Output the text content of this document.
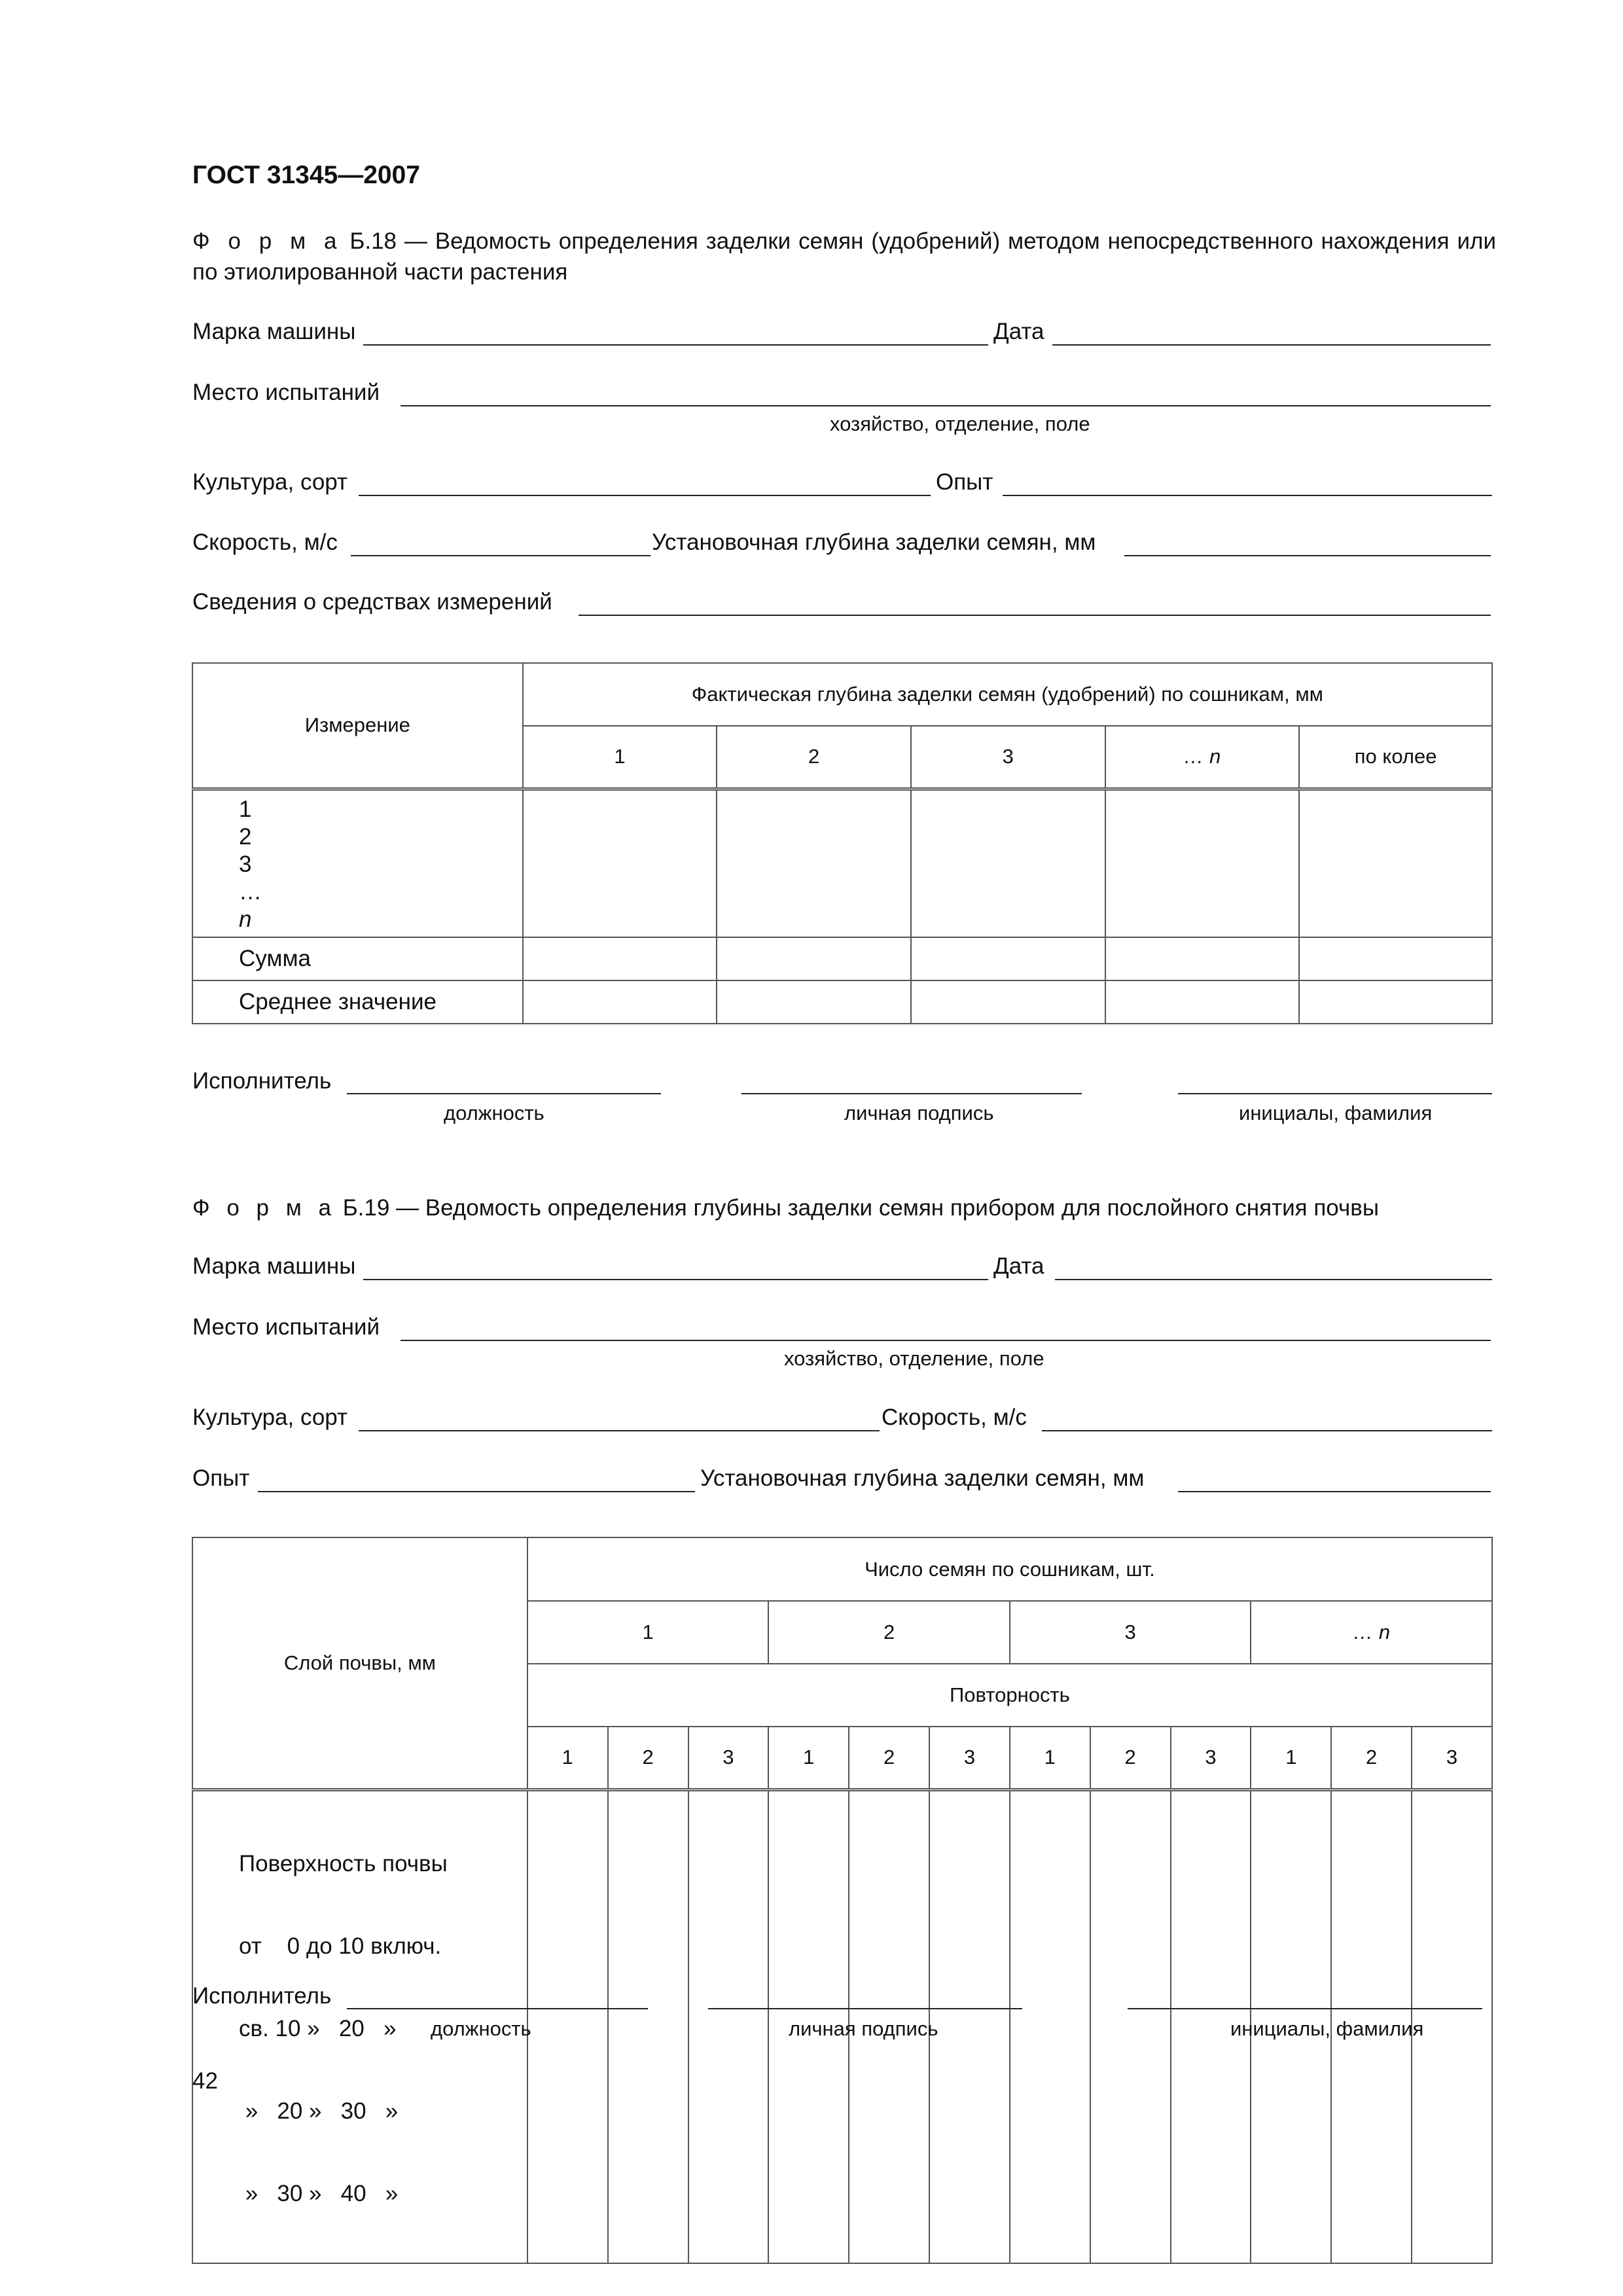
ГОСТ 31345—2007
Ф о р м а Б.18 — Ведомость определения заделки семян (удобрений) методом непосредственного нахождения или по этиолированной части растения
Марка машины	Дата
Место испытаний
хозяйство, отделение, поле
Культура, сорт	Опыт
Скорость, м/с	Установочная глубина заделки семян, мм
Сведения о средствах измерений
Измерение	Фактическая глубина заделки семян (удобрений) по сошникам, мм				
	1	2	3	… n	по колее

1
2
3
…
n					

Сумма					
Среднее значение					
Исполнитель
должность	личная подпись	инициалы, фамилия
Ф о р м а Б.19 — Ведомость определения глубины заделки семян прибором для послойного снятия почвы
Марка машины	Дата
Место испытаний
хозяйство, отделение, поле
Культура, сорт	Скорость, м/с
Опыт	Установочная глубина заделки семян, мм
Слой почвы, мм	Число семян по сошникам, шт.											
	1			2			3			… n		
	Повторность											
	1	2	3	1	2	3	1	2	3	1	2	3

Поверхность почвы

от    0 до 10 включ.

св. 10 »   20   »

»   20 »   30   »

»   30 »   40   »												

Исполнитель
должность	личная подпись	инициалы, фамилия
42
